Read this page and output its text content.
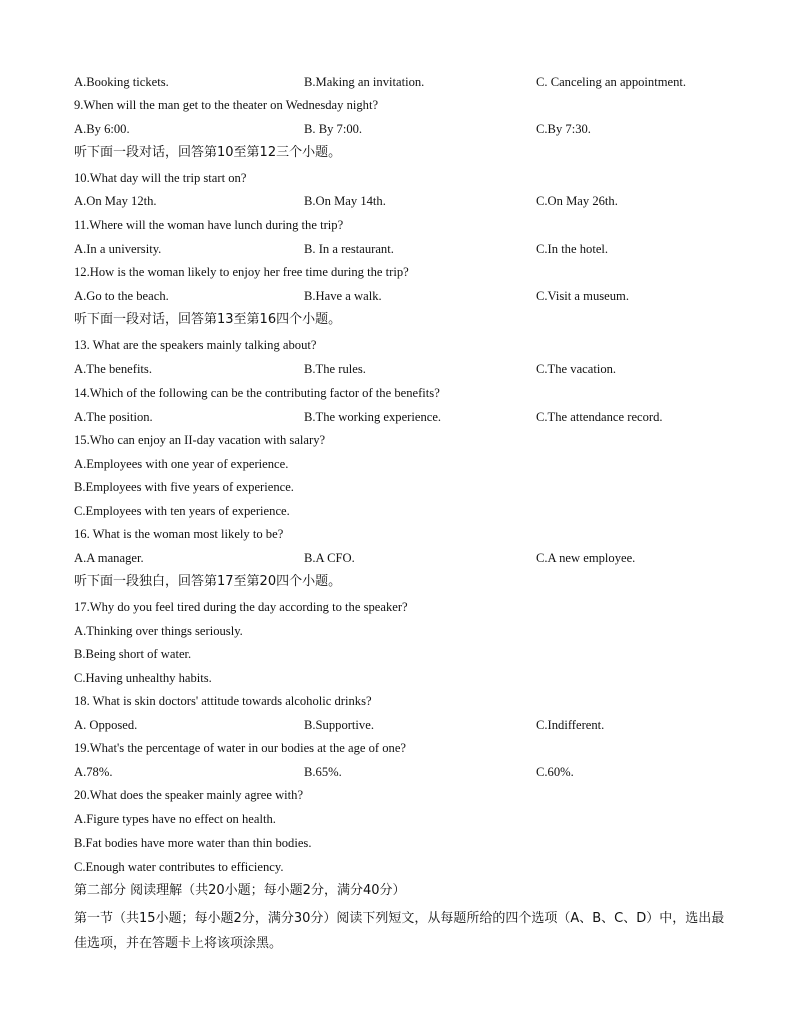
A.Booking tickets.	B.Making an invitation.	C. Canceling an appointment.
9.When will the man get to the theater on Wednesday night?
A.By 6:00.	B. By 7:00.	C.By 7:30.
听下面一段对话，回答第10至第12三个小题。
10.What day will the trip start on?
A.On May 12th.	B.On May 14th.	C.On May 26th.
11.Where will the woman have lunch during the trip?
A.In a university.	B. In a restaurant.	C.In the hotel.
12.How is the woman likely to enjoy her free time during the trip?
A.Go to the beach.	B.Have a walk.	C.Visit a museum.
听下面一段对话，回答第13至第16四个小题。
13. What are the speakers mainly talking about?
A.The benefits.	B.The rules.	C.The vacation.
14.Which of the following can be the contributing factor of the benefits?
A.The position.	B.The working experience.	C.The attendance record.
15.Who can enjoy an II-day vacation with salary?
A.Employees with one year of experience.
B.Employees with five years of experience.
C.Employees with ten years of experience.
16. What is the woman most likely to be?
A.A manager.	B.A CFO.	C.A new employee.
听下面一段独白，回答第17至第20四个小题。
17.Why do you feel tired during the day according to the speaker?
A.Thinking over things seriously.
B.Being short of water.
C.Having unhealthy habits.
18. What is skin doctors' attitude towards alcoholic drinks?
A. Opposed.	B.Supportive.	C.Indifferent.
19.What's the percentage of water in our bodies at the age of one?
A.78%.	B.65%.	C.60%.
20.What does the speaker mainly agree with?
A.Figure types have no effect on health.
B.Fat bodies have more water than thin bodies.
C.Enough water contributes to efficiency.
第二部分 阅读理解（共20小题；每小题2分，满分40分）
第一节（共15小题；每小题2分，满分30分）阅读下列短文，从每题所给的四个选项（A、B、C、D）中，选出最佳选项，并在答题卡上将该项涂黑。
